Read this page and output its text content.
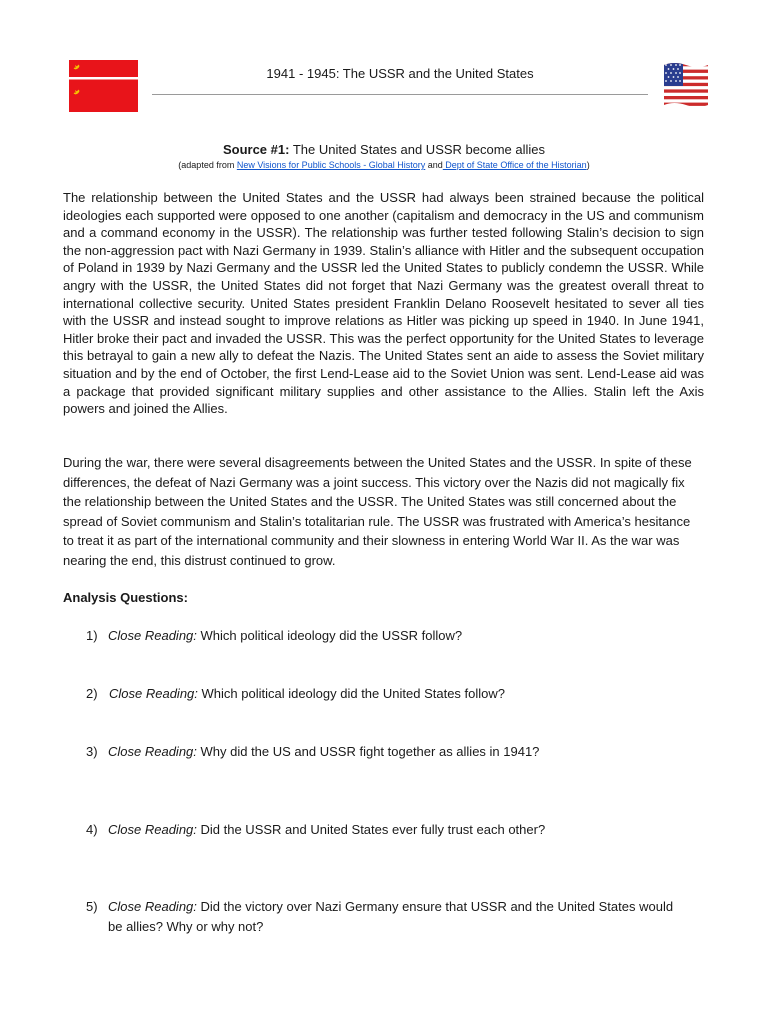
1941 - 1945: The USSR and the United States
Source #1: The United States and USSR become allies
(adapted from New Visions for Public Schools - Global History and Dept of State Office of the Historian)

The relationship between the United States and the USSR had always been strained because the political ideologies each supported were opposed to one another (capitalism and democracy in the US and communism and a command economy in the USSR). The relationship was further tested following Stalin’s decision to sign the non-aggression pact with Nazi Germany in 1939. Stalin’s alliance with Hitler and the subsequent occupation of Poland in 1939 by Nazi Germany and the USSR led the United States to publicly condemn the USSR. While angry with the USSR, the United States did not forget that Nazi Germany was the greatest overall threat to international collective security. United States president Franklin Delano Roosevelt hesitated to sever all ties with the USSR and instead sought to improve relations as Hitler was picking up speed in 1940. In June 1941, Hitler broke their pact and invaded the USSR. This was the perfect opportunity for the United States to leverage this betrayal to gain a new ally to defeat the Nazis. The United States sent an aide to assess the Soviet military situation and by the end of October, the first Lend-Lease aid to the Soviet Union was sent. Lend-Lease aid was a package that provided significant military supplies and other assistance to the Allies. Stalin left the Axis powers and joined the Allies.

During the war, there were several disagreements between the United States and the USSR. In spite of these differences, the defeat of Nazi Germany was a joint success. This victory over the Nazis did not magically fix the relationship between the United States and the USSR. The United States was still concerned about the spread of Soviet communism and Stalin’s totalitarian rule. The USSR was frustrated with America’s hesitance to treat it as part of the international community and their slowness in entering World War II. As the war was nearing the end, this distrust continued to grow.

Analysis Questions:

1) Close Reading: Which political ideology did the USSR follow?
2) Close Reading: Which political ideology did the United States follow?
3) Close Reading: Why did the US and USSR fight together as allies in 1941?
4) Close Reading: Did the USSR and United States ever fully trust each other?
5) Close Reading: Did the victory over Nazi Germany ensure that USSR and the United States would be allies? Why or why not?
